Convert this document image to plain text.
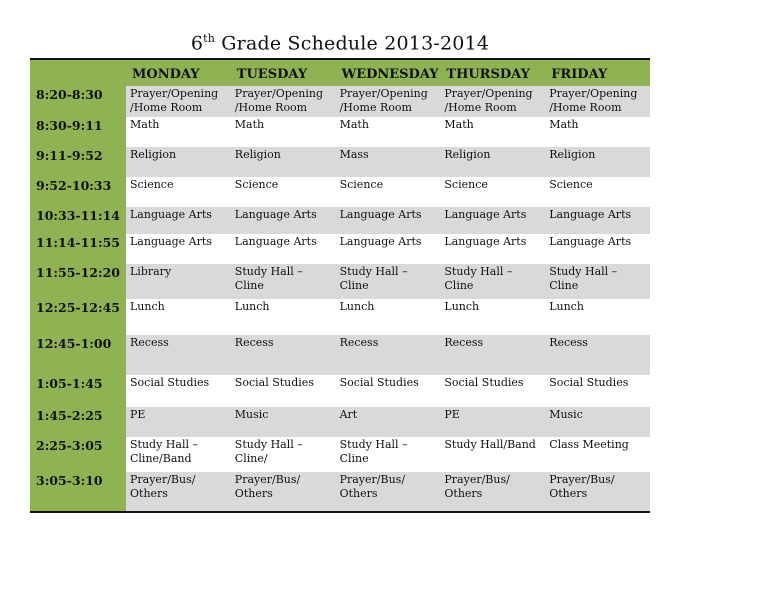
6th Grade Schedule 2013-2014
	MONDAY	TUESDAY	WEDNESDAY	THURSDAY	FRIDAY
8:20-8:30	Prayer/Opening /Home Room	Prayer/Opening /Home Room	Prayer/Opening /Home Room	Prayer/Opening /Home Room	Prayer/Opening /Home Room
8:30-9:11	Math	Math	Math	Math	Math
9:11-9:52	Religion	Religion	Mass	Religion	Religion
9:52-10:33	Science	Science	Science	Science	Science
10:33-11:14	Language Arts	Language Arts	Language Arts	Language Arts	Language Arts
11:14-11:55	Language Arts	Language Arts	Language Arts	Language Arts	Language Arts
11:55-12:20	Library	Study Hall – Cline	Study Hall – Cline	Study Hall – Cline	Study Hall – Cline
12:25-12:45	Lunch	Lunch	Lunch	Lunch	Lunch
12:45-1:00	Recess	Recess	Recess	Recess	Recess
1:05-1:45	Social Studies	Social Studies	Social Studies	Social Studies	Social Studies
1:45-2:25	PE	Music	Art	PE	Music
2:25-3:05	Study Hall – Cline/Band	Study Hall – Cline/	Study Hall – Cline	Study Hall/Band	Class Meeting
3:05-3:10	Prayer/Bus/ Others	Prayer/Bus/ Others	Prayer/Bus/ Others	Prayer/Bus/ Others	Prayer/Bus/ Others
